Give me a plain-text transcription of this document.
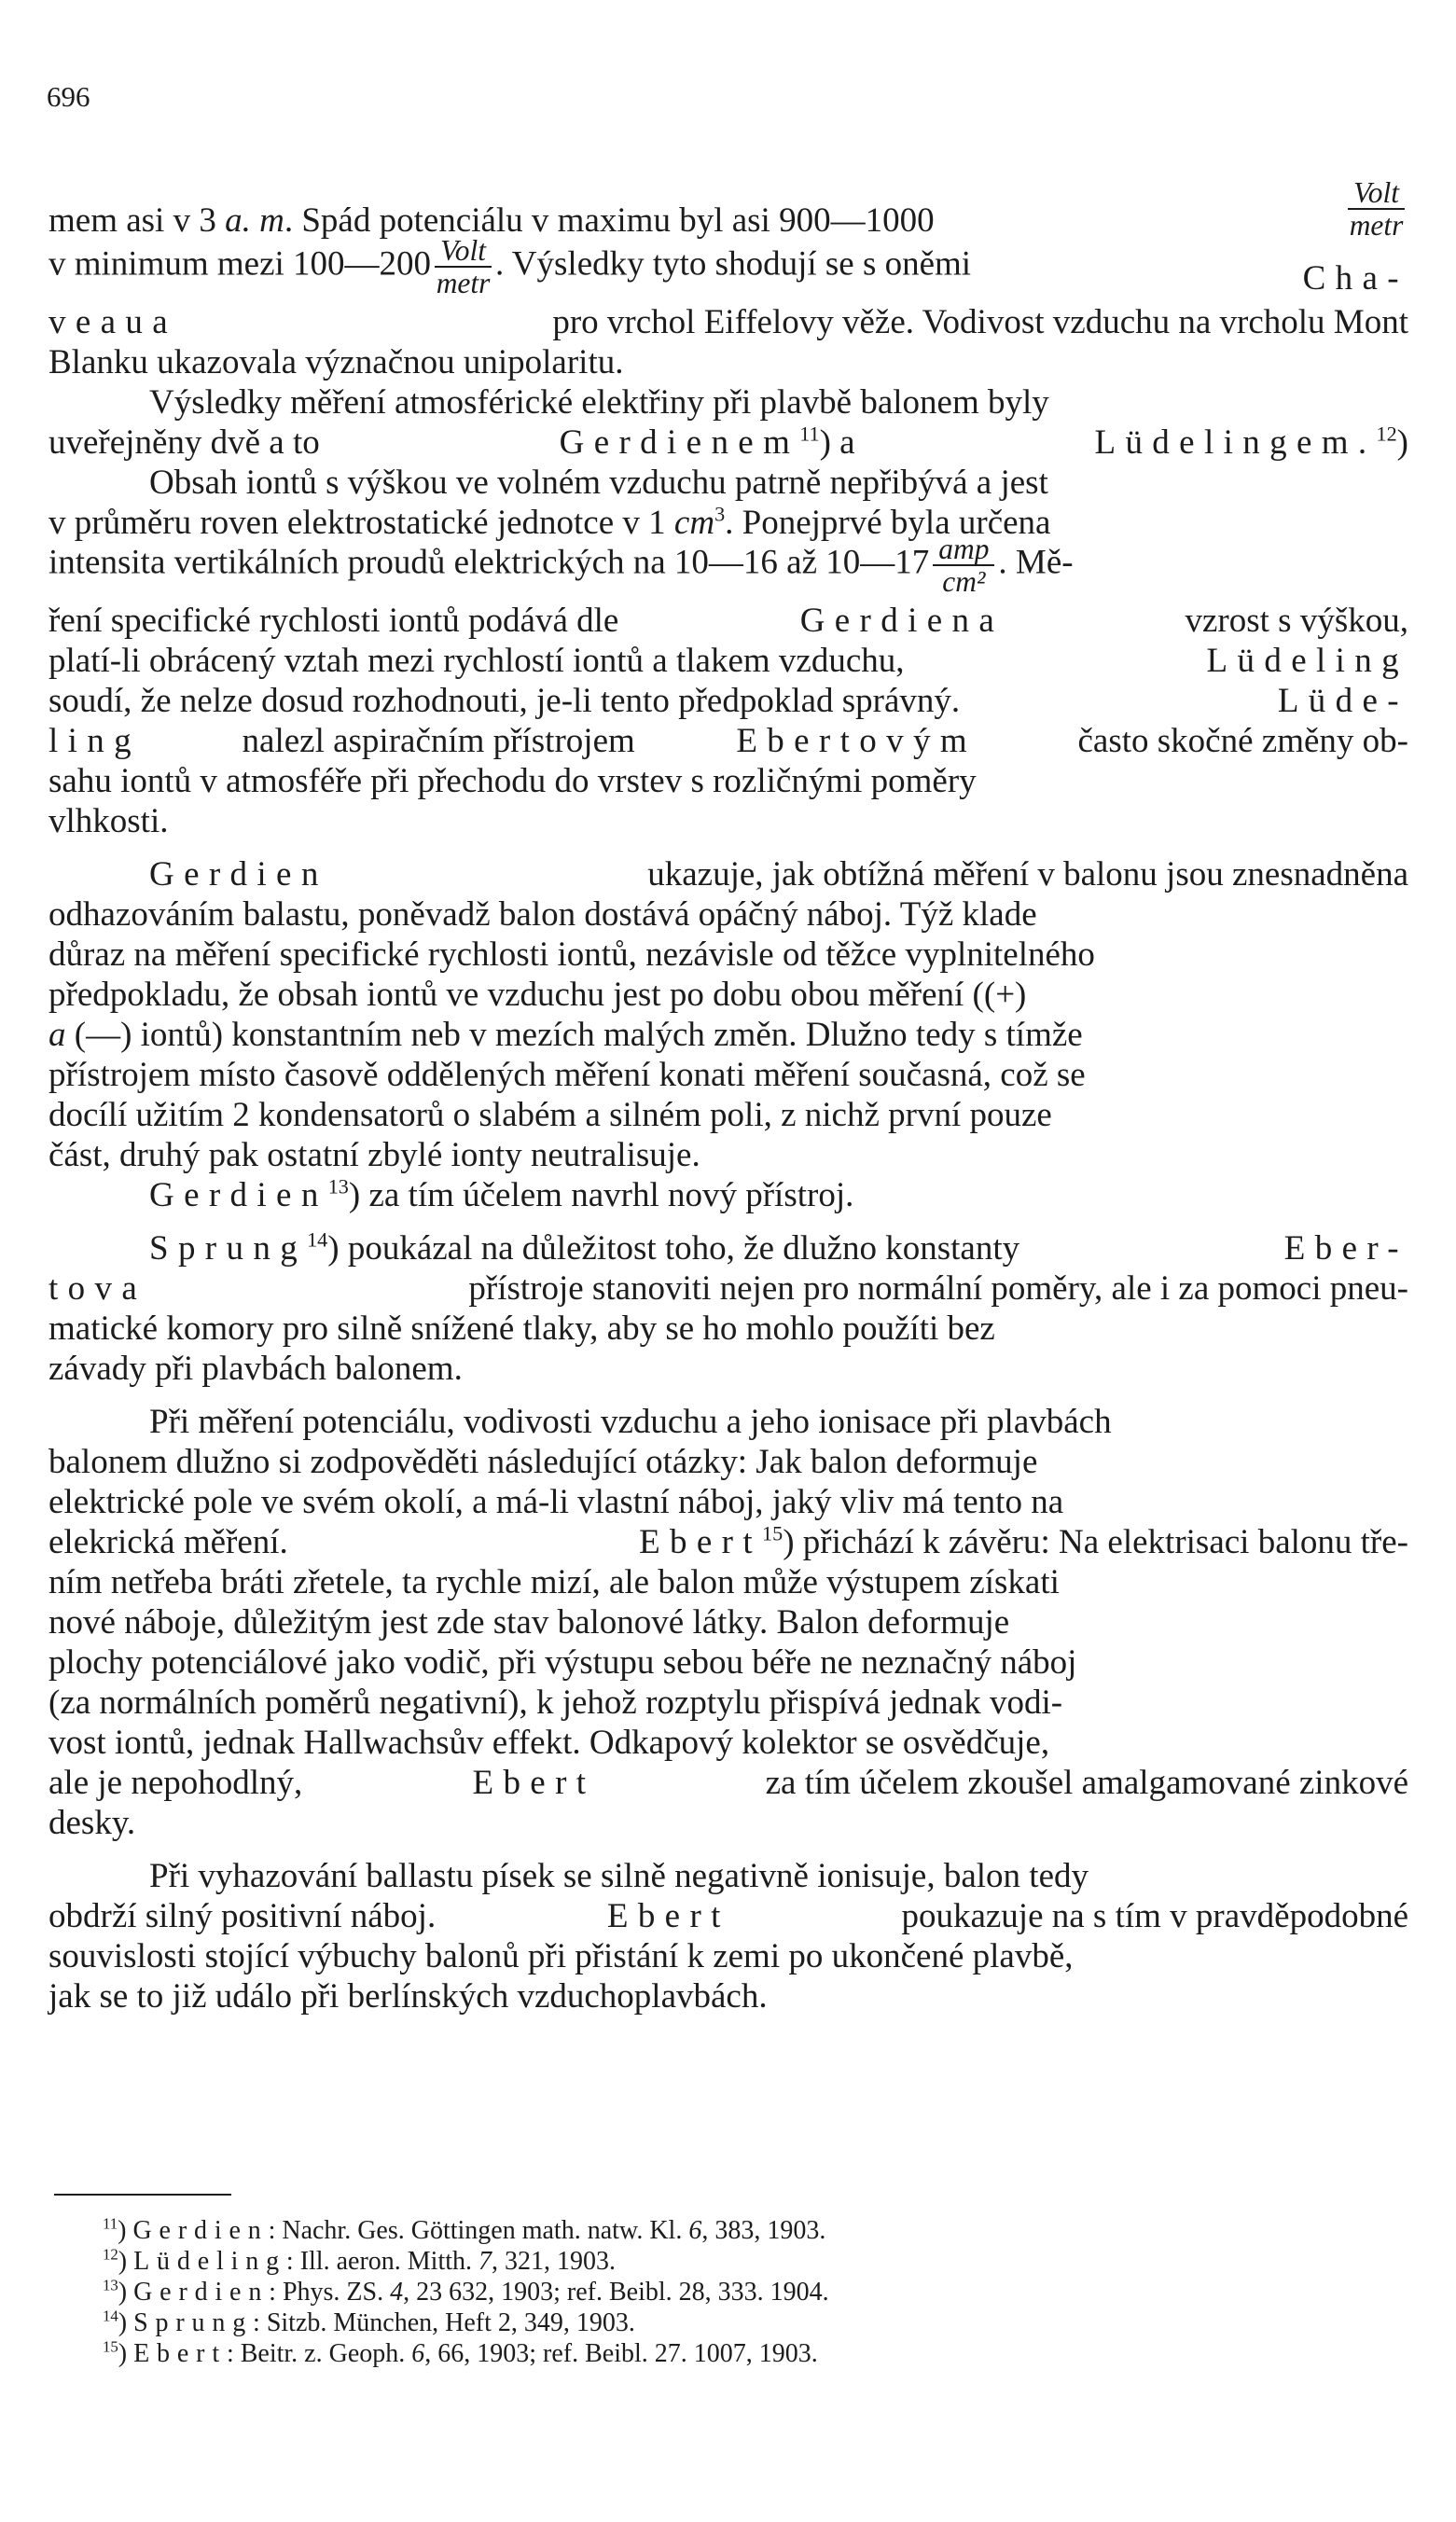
696
mem asi v 3 a. m. Spád potenciálu v maximu byl asi 900—1000	$\frac{\text{Volt}}{\text{metr}}$
v minimum mezi 100—200 $\frac{\text{Volt}}{\text{metr}}$ . Výsledky tyto shodují se s oněmi	Cha-
veaua	pro vrchol Eiffelovy věže. Vodivost vzduchu na vrcholu Mont
Blanku ukazovala význačnou unipolaritu.
Výsledky měření atmosférické elektřiny při plavbě balonem byly
uveřejněny dvě a to	Gerdienem$^{11}$) a	Lüdelingem.$^{12}$)
Obsah iontů s výškou ve volném vzduchu patrně nepřibývá a jest
v průměru roven elektrostatické jednotce v 1 $cm^3$. Ponejprvé byla určena
intensita vertikálních proudů elektrických na 10—16 až 10—17 $\frac{\text{amp}}{\text{cm²}}$ . Mě-
ření specifické rychlosti iontů podává dle	Gerdiena	vzrost s výškou,
platí-li obrácený vztah mezi rychlostí iontů a tlakem vzduchu,	Lüdeling
soudí, že nelze dosud rozhodnouti, je-li tento předpoklad správný.	Lüde-
ling	nalezl aspiračním přístrojem	Ebertovým	často skočné změny ob-
sahu iontů v atmosféře při přechodu do vrstev s rozličnými poměry
vlhkosti.
Gerdien	ukazuje, jak obtížná měření v balonu jsou znesnadněna
odhazováním balastu, poněvadž balon dostává opáčný náboj. Týž klade
důraz na měření specifické rychlosti iontů, nezávisle od těžce vyplnitelného
předpokladu, že obsah iontů ve vzduchu jest po dobu obou měření ((+)
a (—) iontů) konstantním neb v mezích malých změn. Dlužno tedy s tímže
přístrojem místo časově oddělených měření konati měření současná, což se
docílí užitím 2 kondensatorů o slabém a silném poli, z nichž první pouze
část, druhý pak ostatní zbylé ionty neutralisuje.
Gerdien$^{13}$) za tím účelem navrhl nový přístroj.
Sprung$^{14}$) poukázal na důležitost toho, že dlužno konstanty	Eber-
tova	přístroje stanoviti nejen pro normální poměry, ale i za pomoci pneu-
matické komory pro silně snížené tlaky, aby se ho mohlo použíti bez
závady při plavbách balonem.
Při měření potenciálu, vodivosti vzduchu a jeho ionisace při plavbách
balonem dlužno si zodpověděti následující otázky: Jak balon deformuje
elektrické pole ve svém okolí, a má-li vlastní náboj, jaký vliv má tento na
elekrická měření.	Ebert$^{15}$) přichází k závěru: Na elektrisaci balonu tře-
ním netřeba bráti zřetele, ta rychle mizí, ale balon může výstupem získati
nové náboje, důležitým jest zde stav balonové látky. Balon deformuje
plochy potenciálové jako vodič, při výstupu sebou béře ne neznačný náboj
(za normálních poměrů negativní), k jehož rozptylu přispívá jednak vodi-
vost iontů, jednak Hallwachsův effekt. Odkapový kolektor se osvědčuje,
ale je nepohodlný,	Ebert	za tím účelem zkoušel amalgamované zinkové
desky.
Při vyhazování ballastu písek se silně negativně ionisuje, balon tedy
obdrží silný positivní náboj.	Ebert	poukazuje na s tím v pravděpodobné
souvislosti stojící výbuchy balonů při přistání k zemi po ukončené plavbě,
jak se to již událo při berlínských vzduchoplavbách.
$^{11}$) Gerdien: Nachr. Ges. Göttingen math. natw. Kl. 6, 383, 1903.
$^{12}$) Lüdeling: Ill. aeron. Mitth. 7, 321, 1903.
$^{13}$) Gerdien: Phys. ZS. 4, 23 632, 1903; ref. Beibl. 28, 333. 1904.
$^{14}$) Sprung: Sitzb. München, Heft 2, 349, 1903.
$^{15}$) Ebert: Beitr. z. Geoph. 6, 66, 1903; ref. Beibl. 27. 1007, 1903.
